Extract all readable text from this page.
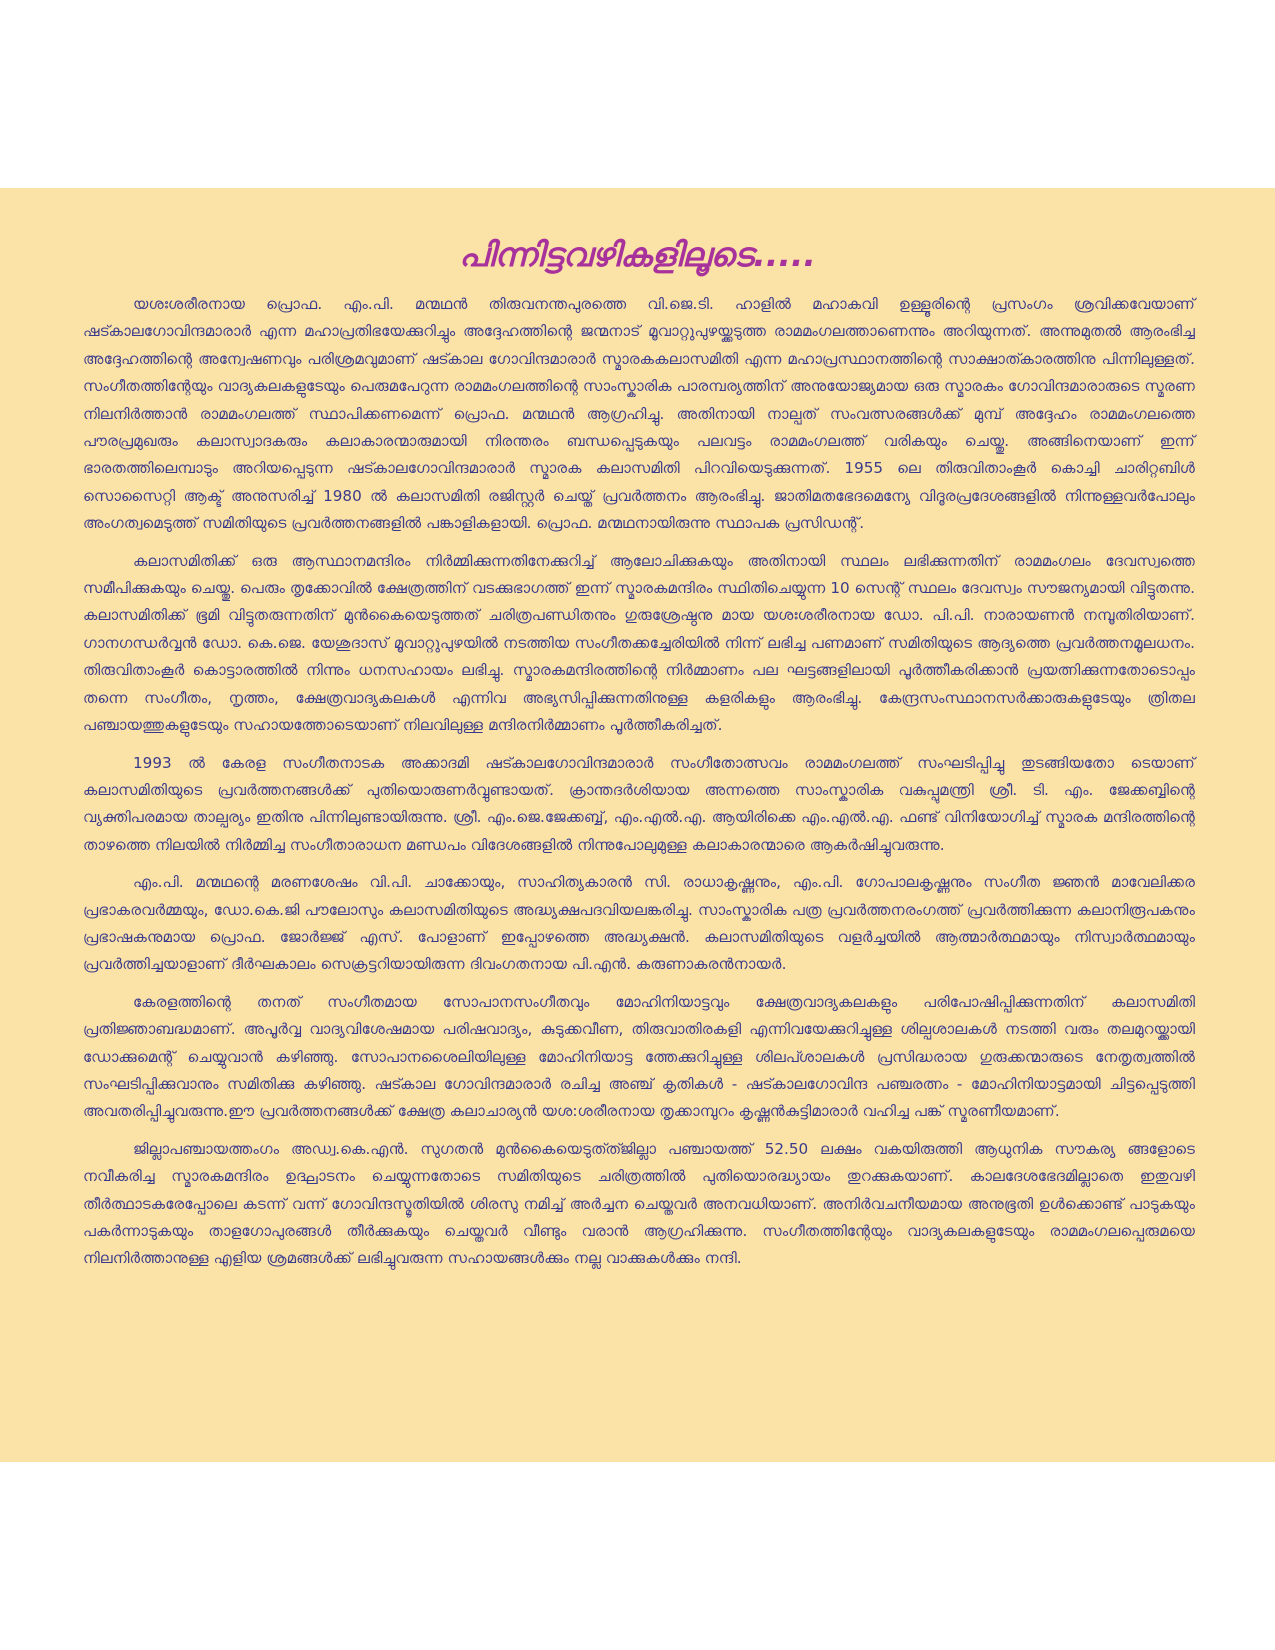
പിന്നിട്ടവഴികളിലൂടെ.....

യശഃശരീരനായ പ്രൊഫ. എം.പി. മന്മഥൻ തിരുവനന്തപുരത്തെ വി.ജെ.ടി. ഹാളിൽ മഹാകവി ഉള്ളൂരിന്റെ പ്രസംഗം ശ്രവിക്കവേയാണ് ഷട്കാലഗോവിന്ദമാരാർ എന്ന മഹാപ്രതിഭയേക്കുറിച്ചും അദ്ദേഹത്തിന്റെ ജന്മനാട് മൂവാറ്റുപുഴയ്ക്കടുത്ത രാമമംഗലത്താണെന്നും അറിയുന്നത്. അന്നുമുതൽ ആരംഭിച്ച അദ്ദേഹത്തിന്റെ അന്വേഷണവും പരിശ്രമവുമാണ് ഷട്കാല ഗോവിന്ദമാരാർ സ്മാരകകലാസമിതി എന്ന മഹാപ്രസ്ഥാനത്തിന്റെ സാക്ഷാത്കാരത്തിനു പിന്നിലുള്ളത്. സംഗീതത്തിന്റേയും വാദ്യകലകളുടേയും പെരുമപേറുന്ന രാമമംഗലത്തിന്റെ സാംസ്കാരിക പാരമ്പര്യത്തിന് അനുയോജ്യമായ ഒരു സ്മാരകം ഗോവിന്ദമാരാരുടെ സ്മരണ നിലനിർത്താൻ രാമമംഗലത്ത് സ്ഥാപിക്കണമെന്ന് പ്രൊഫ. മന്മഥൻ ആഗ്രഹിച്ചു. അതിനായി നാല്പത് സംവത്സരങ്ങൾക്ക് മുമ്പ് അദ്ദേഹം രാമമംഗലത്തെ പൗരപ്രമുഖരും കലാസ്വാദകരും കലാകാരന്മാരുമായി നിരന്തരം ബന്ധപ്പെടുകയും പലവട്ടം രാമമംഗലത്ത് വരികയും ചെയ്തു. അങ്ങിനെയാണ് ഇന്ന് ഭാരതത്തിലെമ്പാടും അറിയപ്പെടുന്ന ഷട്കാലഗോവിന്ദമാരാർ സ്മാരക കലാസമിതി പിറവിയെടുക്കുന്നത്. 1955 ലെ തിരുവിതാംകൂർ കൊച്ചി ചാരിറ്റബിൾ സൊസൈറ്റി ആക്ട് അനുസരിച്ച് 1980 ൽ കലാസമിതി രജിസ്റ്റർ ചെയ്ത് പ്രവർത്തനം ആരംഭിച്ചു. ജാതിമതഭേദമെന്യേ വിദൂരപ്രദേശങ്ങളിൽ നിന്നുള്ളവർപോലും അംഗത്വമെടുത്ത് സമിതിയുടെ പ്രവർത്തനങ്ങളിൽ പങ്കാളികളായി. പ്രൊഫ. മന്മഥനായിരുന്നു സ്ഥാപക പ്രസിഡന്റ്.

കലാസമിതിക്ക് ഒരു ആസ്ഥാനമന്ദിരം നിർമ്മിക്കുന്നതിനേക്കുറിച്ച് ആലോചിക്കുകയും അതിനായി സ്ഥലം ലഭിക്കുന്നതിന് രാമമംഗലം ദേവസ്വത്തെ സമീപിക്കുകയും ചെയ്തു. പെരും തൃക്കോവിൽ ക്ഷേത്രത്തിന് വടക്കുഭാഗത്ത് ഇന്ന് സ്മാരകമന്ദിരം സ്ഥിതിചെയ്യുന്ന 10 സെന്റ് സ്ഥലം ദേവസ്വം സൗജന്യമായി വിട്ടുതന്നു. കലാസമിതിക്ക് ഭൂമി വിട്ടുതരുന്നതിന് മുൻകൈയെടുത്തത് ചരിത്രപണ്ഡിതനും ഗുരുശ്രേഷ്ഠനു മായ യശഃശരീരനായ ഡോ. പി.പി. നാരായണൻ നമ്പൂതിരിയാണ്. ഗാനഗന്ധർവ്വൻ ഡോ. കെ.ജെ. യേശുദാസ് മൂവാറ്റുപുഴയിൽ നടത്തിയ സംഗീതക്കച്ചേരിയിൽ നിന്ന് ലഭിച്ച പണമാണ് സമിതിയുടെ ആദ്യത്തെ പ്രവർത്തനമൂലധനം. തിരുവിതാംകൂർ കൊട്ടാരത്തിൽ നിന്നും ധനസഹായം ലഭിച്ചു. സ്മാരകമന്ദിരത്തിന്റെ നിർമ്മാണം പല ഘട്ടങ്ങളിലായി പൂർത്തീകരിക്കാൻ പ്രയത്നിക്കുന്നതോടൊപ്പം തന്നെ സംഗീതം, നൃത്തം, ക്ഷേത്രവാദ്യകലകൾ എന്നിവ അഭ്യസിപ്പിക്കുന്നതിനുള്ള കളരികളും ആരംഭിച്ചു. കേന്ദ്രസംസ്ഥാനസർക്കാരുകളുടേയും ത്രിതല പഞ്ചായത്തുകളുടേയും സഹായത്തോടെയാണ് നിലവിലുള്ള മന്ദിരനിർമ്മാണം പൂർത്തീകരിച്ചത്.

1993 ൽ കേരള സംഗീതനാടക അക്കാദമി ഷട്കാലഗോവിന്ദമാരാർ സംഗീതോത്സവം രാമമംഗലത്ത് സംഘടിപ്പിച്ചു തുടങ്ങിയതോ ടെയാണ് കലാസമിതിയുടെ പ്രവർത്തനങ്ങൾക്ക് പുതിയൊരുണർവ്വുണ്ടായത്. ക്രാന്തദർശിയായ അന്നത്തെ സാംസ്കാരിക വകുപ്പുമന്ത്രി ശ്രീ. ടി. എം. ജേക്കബ്ബിന്റെ വ്യക്തിപരമായ താല്പര്യം ഇതിനു പിന്നിലുണ്ടായിരുന്നു. ശ്രീ. എം.ജെ.ജേക്കബ്ബ്, എം.എൽ.എ. ആയിരിക്കെ എം.എൽ.എ. ഫണ്ട് വിനിയോഗിച്ച് സ്മാരക മന്ദിരത്തിന്റെ താഴത്തെ നിലയിൽ നിർമ്മിച്ച സംഗീതാരാധന മണ്ഡപം വിദേശങ്ങളിൽ നിന്നുപോലുമുള്ള കലാകാരന്മാരെ ആകർഷിച്ചുവരുന്നു.

എം.പി. മന്മഥന്റെ മരണശേഷം വി.പി. ചാക്കോയും, സാഹിത്യകാരൻ സി. രാധാകൃഷ്ണനും, എം.പി. ഗോപാലകൃഷ്ണനും സംഗീത ജ്ഞൻ മാവേലിക്കര പ്രഭാകരവർമ്മയും, ഡോ.കെ.ജി പൗലോസും കലാസമിതിയുടെ അദ്ധ്യക്ഷപദവിയലങ്കരിച്ചു. സാംസ്കാരിക പത്ര പ്രവർത്തനരംഗത്ത് പ്രവർത്തിക്കുന്ന കലാനിരൂപകനും പ്രഭാഷകനുമായ പ്രൊഫ. ജോർജ്ജ് എസ്. പോളാണ് ഇപ്പോഴത്തെ അദ്ധ്യക്ഷൻ. കലാസമിതിയുടെ വളർച്ചയിൽ ആത്മാർത്ഥമായും നിസ്വാർത്ഥമായും പ്രവർത്തിച്ചയാളാണ് ദീർഘകാലം സെക്രട്ടറിയായിരുന്ന ദിവംഗതനായ പി.എൻ. കരുണാകരൻനായർ.

കേരളത്തിന്റെ തനത് സംഗീതമായ സോപാനസംഗീതവും മോഹിനിയാട്ടവും ക്ഷേത്രവാദ്യകലകളും പരിപോഷിപ്പിക്കുന്നതിന് കലാസമിതി പ്രതിജ്ഞാബദ്ധമാണ്. അപൂർവ്വ വാദ്യവിശേഷമായ പരിഷവാദ്യം, കുടുക്കവീണ, തിരുവാതിരകളി എന്നിവയേക്കുറിച്ചുള്ള ശില്പശാലകൾ നടത്തി വരും തലമുറയ്ക്കായി ഡോക്കുമെന്റ് ചെയ്യുവാൻ കഴിഞ്ഞു. സോപാനശൈലിയിലുള്ള മോഹിനിയാട്ട ത്തേക്കുറിച്ചുള്ള ശിലപ്ശാലകൾ പ്രസിദ്ധരായ ഗുരുക്കന്മാരുടെ നേതൃത്വത്തിൽ സംഘടിപ്പിക്കുവാനും സമിതിക്കു കഴിഞ്ഞു. ഷട്കാല ഗോവിന്ദമാരാർ രചിച്ച അഞ്ച് കൃതികൾ - ഷട്കാലഗോവിന്ദ പഞ്ചരത്നം - മോഹിനിയാട്ടമായി ചിട്ടപ്പെടുത്തി അവതരിപ്പിച്ചുവരുന്നു.ഈ പ്രവർത്തനങ്ങൾക്ക് ക്ഷേത്ര കലാചാര്യൻ യശ:ശരീരനായ തൃക്കാമ്പുറം കൃഷ്ണൻകുട്ടിമാരാർ വഹിച്ച പങ്ക് സ്മരണീയമാണ്.

ജില്ലാപഞ്ചായത്തംഗം അഡ്വ.കെ.എൻ. സുഗതൻ മുൻകൈയെടുത്ത്ജില്ലാ പഞ്ചായത്ത് 52.50 ലക്ഷം വകയിരുത്തി ആധുനിക സൗകര്യ ങ്ങളോടെ നവീകരിച്ച സ്മാരകമന്ദിരം ഉദ്ഘാടനം ചെയ്യുന്നതോടെ സമിതിയുടെ ചരിത്രത്തിൽ പുതിയൊരദ്ധ്യായം തുറക്കുകയാണ്. കാലദേശഭേദമില്ലാതെ ഇതുവഴി തീർത്ഥാടകരേപ്പോലെ കടന്ന് വന്ന് ഗോവിന്ദസ്മൃതിയിൽ ശിരസു നമിച്ച് അർച്ചന ചെയ്തവർ അനവധിയാണ്. അനിർവചനീയമായ അനുഭൂതി ഉൾക്കൊണ്ട് പാടുകയും പകർന്നാടുകയും താളഗോപുരങ്ങൾ തീർക്കുകയും ചെയ്തവർ വീണ്ടും വരാൻ ആഗ്രഹിക്കുന്നു. സംഗീതത്തിന്റേയും വാദ്യകലകളുടേയും രാമമംഗലപ്പെരുമയെ നിലനിർത്താനുള്ള എളിയ ശ്രമങ്ങൾക്ക് ലഭിച്ചുവരുന്ന സഹായങ്ങൾക്കും നല്ല വാക്കുകൾക്കും നന്ദി.
